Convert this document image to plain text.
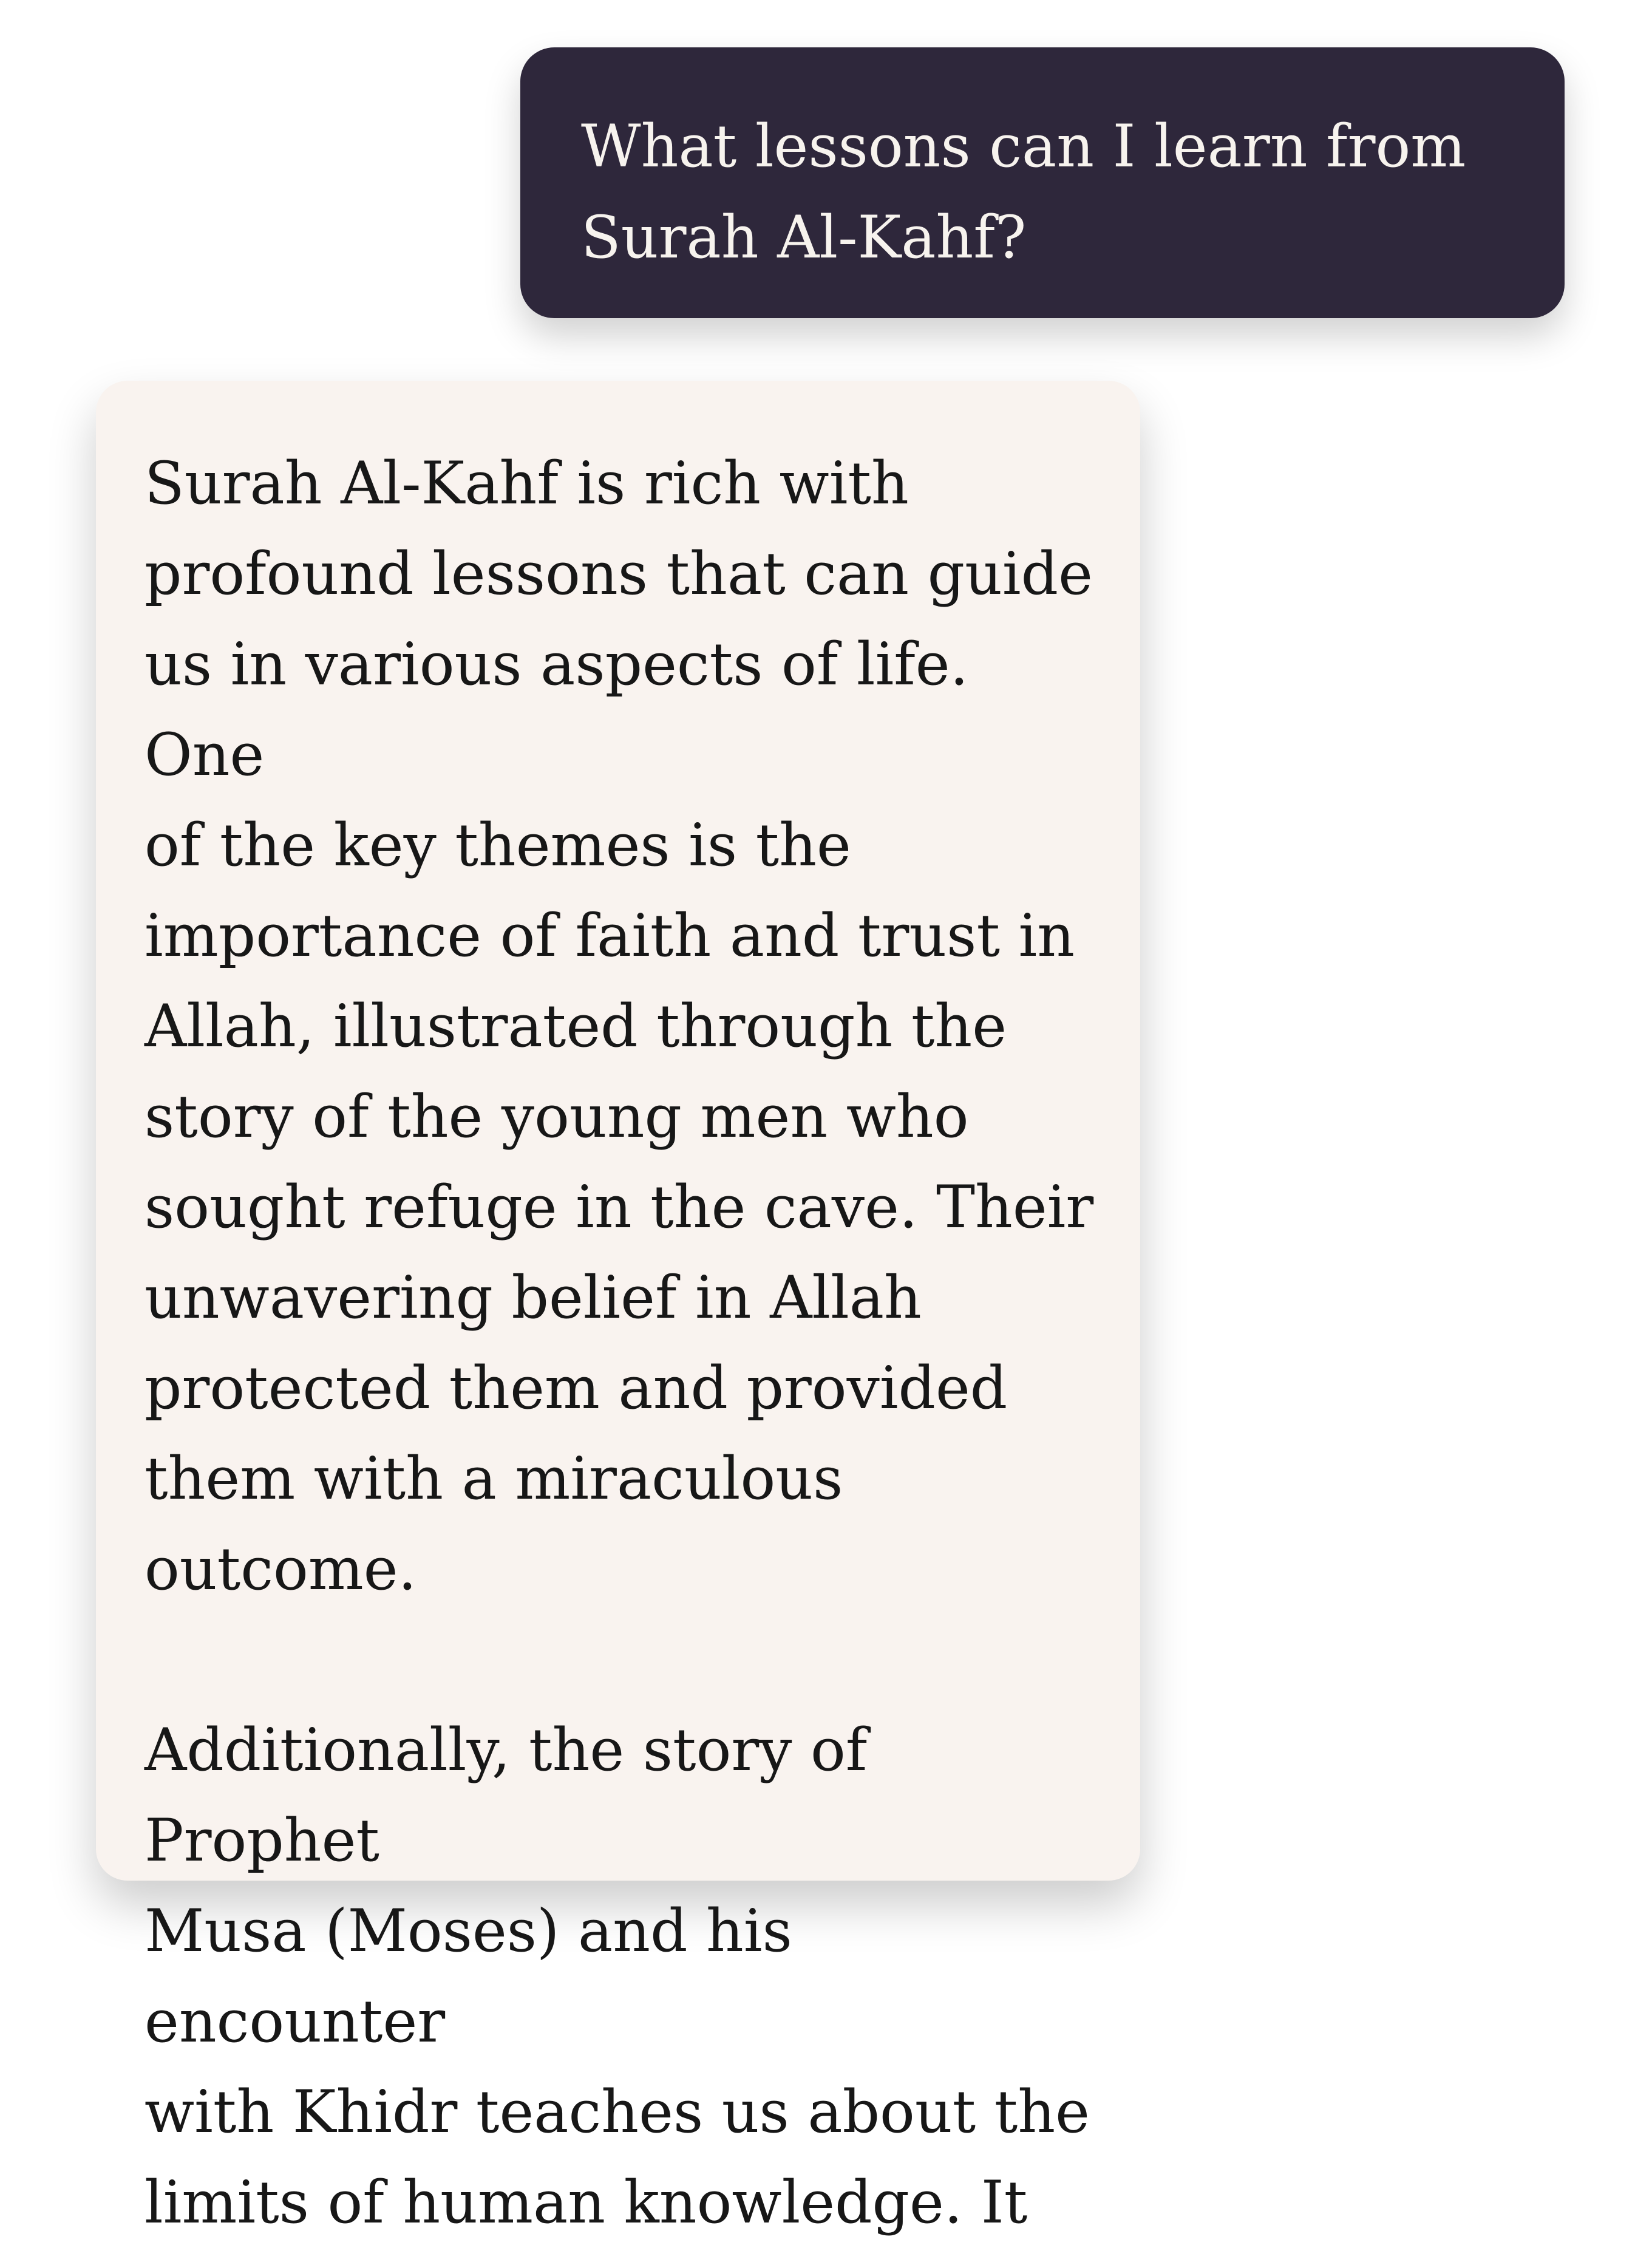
What lessons can I learn from
Surah Al-Kahf?

Surah Al-Kahf is rich with
profound lessons that can guide
us in various aspects of life. One
of the key themes is the
importance of faith and trust in
Allah, illustrated through the
story of the young men who
sought refuge in the cave. Their
unwavering belief in Allah
protected them and provided
them with a miraculous outcome.

Additionally, the story of Prophet
Musa (Moses) and his encounter
with Khidr teaches us about the
limits of human knowledge. It
